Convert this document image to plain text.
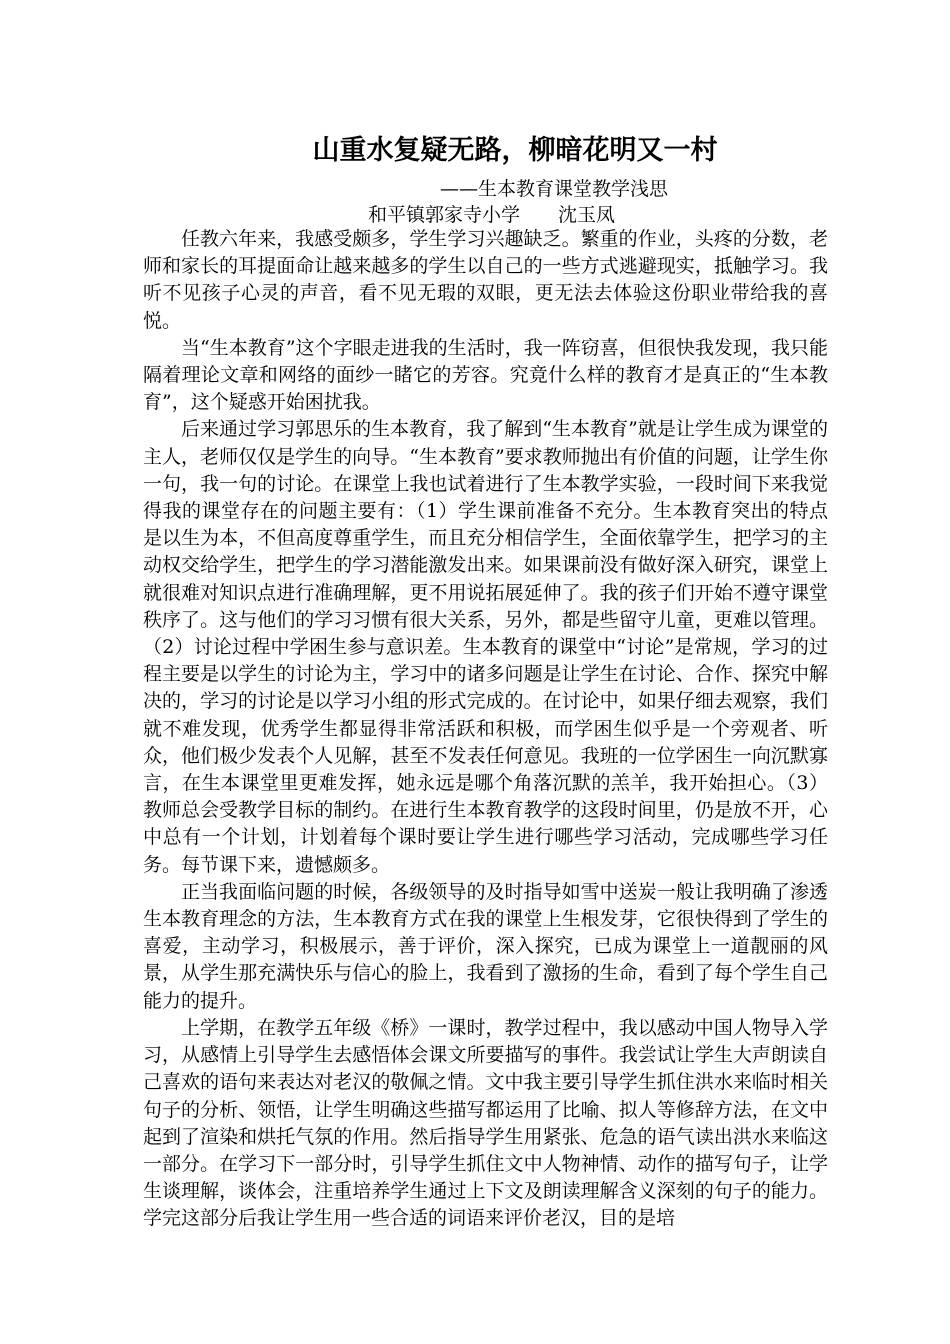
山重水复疑无路，柳暗花明又一村
——生本教育课堂教学浅思
和平镇郭家寺小学 沈玉凤

任教六年来，我感受颇多，学生学习兴趣缺乏。繁重的作业，头疼的分数，老师和家长的耳提面命让越来越多的学生以自己的一些方式逃避现实，抵触学习。我听不见孩子心灵的声音，看不见无瑕的双眼，更无法去体验这份职业带给我的喜悦。

当“生本教育”这个字眼走进我的生活时，我一阵窃喜，但很快我发现，我只能隔着理论文章和网络的面纱一睹它的芳容。究竟什么样的教育才是真正的“生本教育”，这个疑惑开始困扰我。

后来通过学习郭思乐的生本教育，我了解到“生本教育”就是让学生成为课堂的主人，老师仅仅是学生的向导。“生本教育”要求教师抛出有价值的问题，让学生你一句，我一句的讨论。在课堂上我也试着进行了生本教学实验，一段时间下来我觉得我的课堂存在的问题主要有：（1）学生课前准备不充分。生本教育突出的特点是以生为本，不但高度尊重学生，而且充分相信学生，全面依靠学生，把学习的主动权交给学生，把学生的学习潜能激发出来。如果课前没有做好深入研究，课堂上就很难对知识点进行准确理解，更不用说拓展延伸了。我的孩子们开始不遵守课堂秩序了。这与他们的学习习惯有很大关系，另外，都是些留守儿童，更难以管理。（2）讨论过程中学困生参与意识差。生本教育的课堂中“讨论”是常规，学习的过程主要是以学生的讨论为主，学习中的诸多问题是让学生在讨论、合作、探究中解决的，学习的讨论是以学习小组的形式完成的。在讨论中，如果仔细去观察，我们就不难发现，优秀学生都显得非常活跃和积极，而学困生似乎是一个旁观者、听众，他们极少发表个人见解，甚至不发表任何意见。我班的一位学困生一向沉默寡言，在生本课堂里更难发挥，她永远是哪个角落沉默的羔羊，我开始担心。（3）教师总会受教学目标的制约。在进行生本教育教学的这段时间里，仍是放不开，心中总有一个计划，计划着每个课时要让学生进行哪些学习活动，完成哪些学习任务。每节课下来，遗憾颇多。

正当我面临问题的时候，各级领导的及时指导如雪中送炭一般让我明确了渗透生本教育理念的方法，生本教育方式在我的课堂上生根发芽，它很快得到了学生的喜爱，主动学习，积极展示，善于评价，深入探究，已成为课堂上一道靓丽的风景，从学生那充满快乐与信心的脸上，我看到了激扬的生命，看到了每个学生自己能力的提升。

上学期，在教学五年级《桥》一课时，教学过程中，我以感动中国人物导入学习，从感情上引导学生去感悟体会课文所要描写的事件。我尝试让学生大声朗读自己喜欢的语句来表达对老汉的敬佩之情。文中我主要引导学生抓住洪水来临时相关句子的分析、领悟，让学生明确这些描写都运用了比喻、拟人等修辞方法，在文中起到了渲染和烘托气氛的作用。然后指导学生用紧张、危急的语气读出洪水来临这一部分。在学习下一部分时，引导学生抓住文中人物神情、动作的描写句子，让学生谈理解，谈体会，注重培养学生通过上下文及朗读理解含义深刻的句子的能力。学完这部分后我让学生用一些合适的词语来评价老汉，目的是培
